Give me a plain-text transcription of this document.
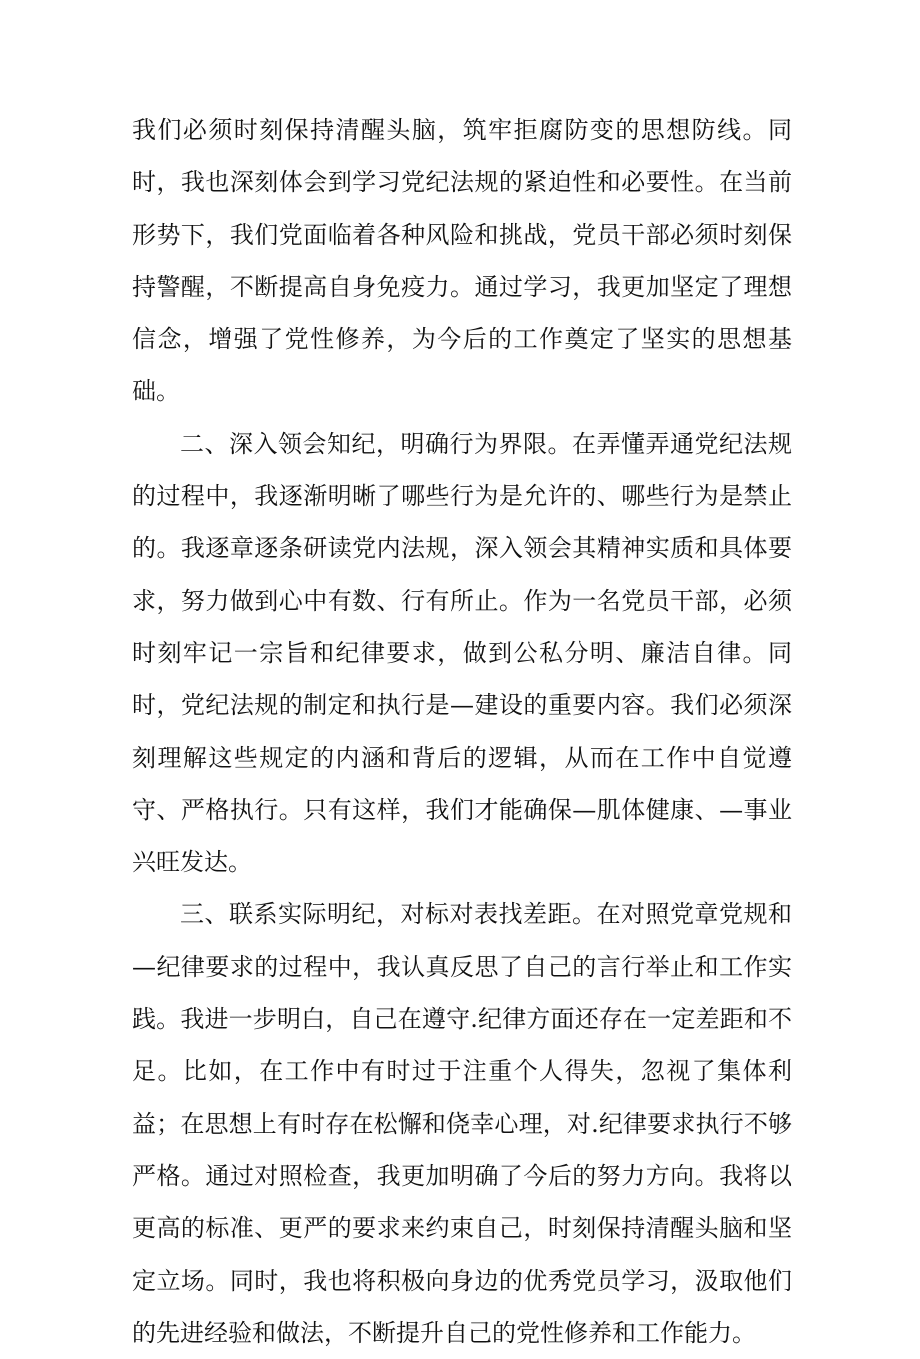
我们必须时刻保持清醒头脑，筑牢拒腐防变的思想防线。同时，我也深刻体会到学习党纪法规的紧迫性和必要性。在当前形势下，我们党面临着各种风险和挑战，党员干部必须时刻保持警醒，不断提高自身免疫力。通过学习，我更加坚定了理想信念，增强了党性修养，为今后的工作奠定了坚实的思想基础。

二、深入领会知纪，明确行为界限。在弄懂弄通党纪法规的过程中，我逐渐明晰了哪些行为是允许的、哪些行为是禁止的。我逐章逐条研读党内法规，深入领会其精神实质和具体要求，努力做到心中有数、行有所止。作为一名党员干部，必须时刻牢记一宗旨和纪律要求，做到公私分明、廉洁自律。同时，党纪法规的制定和执行是—建设的重要内容。我们必须深刻理解这些规定的内涵和背后的逻辑，从而在工作中自觉遵守、严格执行。只有这样，我们才能确保—肌体健康、—事业兴旺发达。

三、联系实际明纪，对标对表找差距。在对照党章党规和—纪律要求的过程中，我认真反思了自己的言行举止和工作实践。我进一步明白，自己在遵守.纪律方面还存在一定差距和不足。比如，在工作中有时过于注重个人得失，忽视了集体利益；在思想上有时存在松懈和侥幸心理，对.纪律要求执行不够严格。通过对照检查，我更加明确了今后的努力方向。我将以更高的标准、更严的要求来约束自己，时刻保持清醒头脑和坚定立场。同时，我也将积极向身边的优秀党员学习，汲取他们的先进经验和做法，不断提升自己的党性修养和工作能力。
